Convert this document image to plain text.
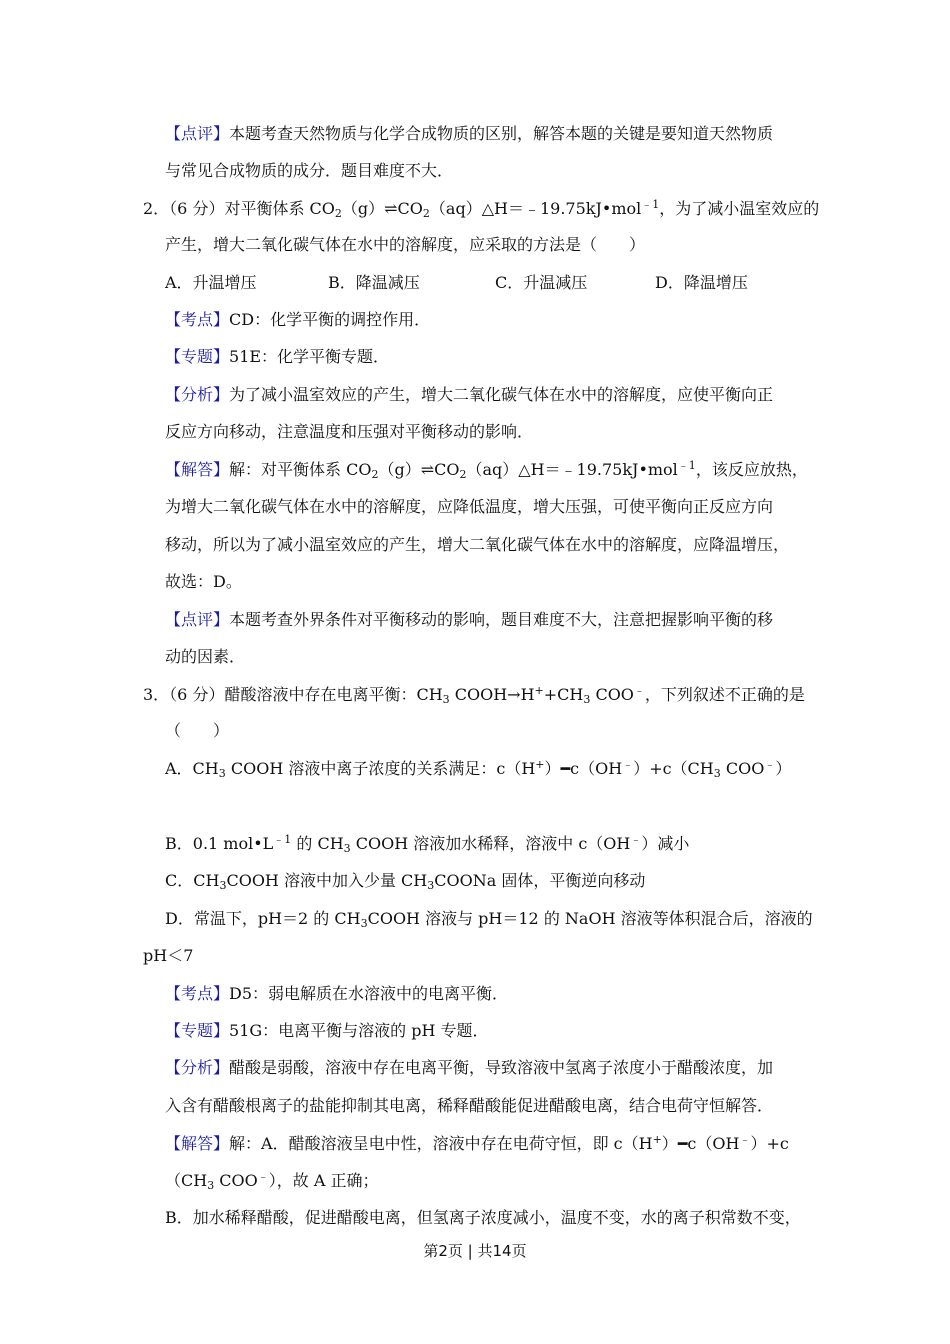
【点评】本题考查天然物质与化学合成物质的区别，解答本题的关键是要知道天然物质
与常见合成物质的成分．题目难度不大．
2．（6 分）对平衡体系 $CO_2(g)\rightleftharpoons CO_2(aq)\triangle H=﹣19.75kJ•mol^{﹣1}$，为了减小温室效应的
产生，增大二氧化碳气体在水中的溶解度，应采取的方法是（　　）
A．升温增压	B．降温减压	C．升温减压	D．降温增压
【考点】CD：化学平衡的调控作用．
【专题】51E：化学平衡专题．
【分析】为了减小温室效应的产生，增大二氧化碳气体在水中的溶解度，应使平衡向正
反应方向移动，注意温度和压强对平衡移动的影响．
【解答】解：对平衡体系 $CO_2(g)\rightleftharpoons CO_2(aq)\triangle H=﹣19.75kJ•mol^{﹣1}$，该反应放热，
为增大二氧化碳气体在水中的溶解度，应降低温度，增大压强，可使平衡向正反应方向
移动，所以为了减小温室效应的产生，增大二氧化碳气体在水中的溶解度，应降温增压，
故选：D。
【点评】本题考查外界条件对平衡移动的影响，题目难度不大，注意把握影响平衡的移
动的因素．
3．（6 分）醋酸溶液中存在电离平衡：$CH_3$ $COOH\to H^++CH_3$ COO﹣，下列叙述不正确的是
（　　）
A．$CH_3$ COOH 溶液中离子浓度的关系满足：$c(H^+)━c(OH^﹣)+c(CH_3$ COO﹣）
B．0.1 $mol•L^{﹣1}$ 的 $CH_3$ COOH 溶液加水稀释，溶液中 c（OH﹣）减小
C．$CH_3COOH$ 溶液中加入少量 $CH_3COONa$ 固体，平衡逆向移动
D．常温下，pH＝2 的 $CH_3COOH$ 溶液与 pH＝12 的 NaOH 溶液等体积混合后，溶液的
pH＜7
【考点】D5：弱电解质在水溶液中的电离平衡．
【专题】51G：电离平衡与溶液的 pH 专题．
【分析】醋酸是弱酸，溶液中存在电离平衡，导致溶液中氢离子浓度小于醋酸浓度，加
入含有醋酸根离子的盐能抑制其电离，稀释醋酸能促进醋酸电离，结合电荷守恒解答．
【解答】解：A．醋酸溶液呈电中性，溶液中存在电荷守恒，即 c（H+）━c（OH﹣）+c
（$CH_3$ COO﹣），故 A 正确；
B．加水稀释醋酸，促进醋酸电离，但氢离子浓度减小，温度不变，水的离子积常数不变，
第2页 | 共14页
